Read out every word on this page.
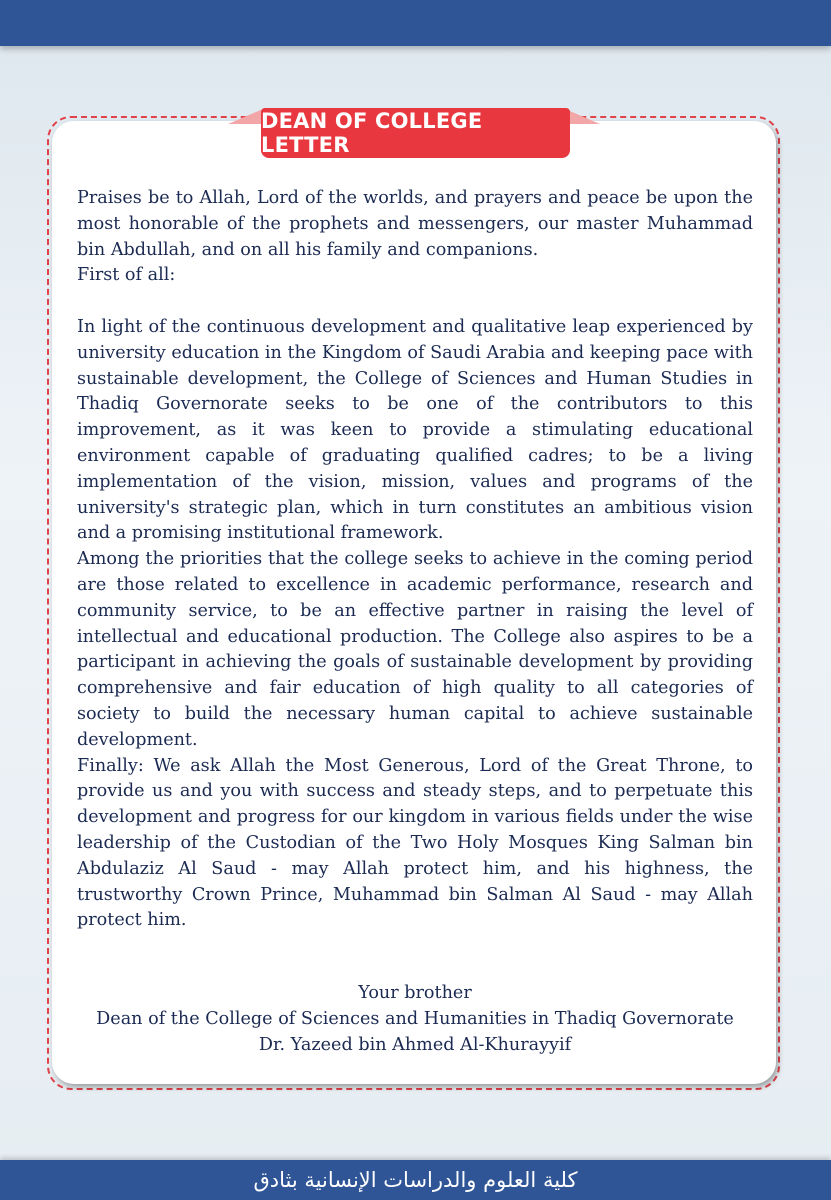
DEAN OF COLLEGE LETTER

Praises be to Allah, Lord of the worlds, and prayers and peace be upon the most honorable of the prophets and messengers, our master Muhammad bin Abdullah, and on all his family and companions.

First of all:

In light of the continuous development and qualitative leap experienced by university education in the Kingdom of Saudi Arabia and keeping pace with sustainable development, the College of Sciences and Human Studies in Thadiq Governorate seeks to be one of the contributors to this improvement, as it was keen to provide a stimulating educational environment capable of graduating qualified cadres; to be a living implementation of the vision, mission, values and programs of the university's strategic plan, which in turn constitutes an ambitious vision and a promising institutional framework.

Among the priorities that the college seeks to achieve in the coming period are those related to excellence in academic performance, research and community service, to be an effective partner in raising the level of intellectual and educational production. The College also aspires to be a participant in achieving the goals of sustainable development by providing comprehensive and fair education of high quality to all categories of society to build the necessary human capital to achieve sustainable development.

Finally: We ask Allah the Most Generous, Lord of the Great Throne, to provide us and you with success and steady steps, and to perpetuate this development and progress for our kingdom in various fields under the wise leadership of the Custodian of the Two Holy Mosques King Salman bin Abdulaziz Al Saud - may Allah protect him, and his highness, the trustworthy Crown Prince, Muhammad bin Salman Al Saud - may Allah protect him.

Your brother

Dean of the College of Sciences and Humanities in Thadiq Governorate

Dr. Yazeed bin Ahmed Al-Khurayyif

كلية العلوم والدراسات الإنسانية بثادق
